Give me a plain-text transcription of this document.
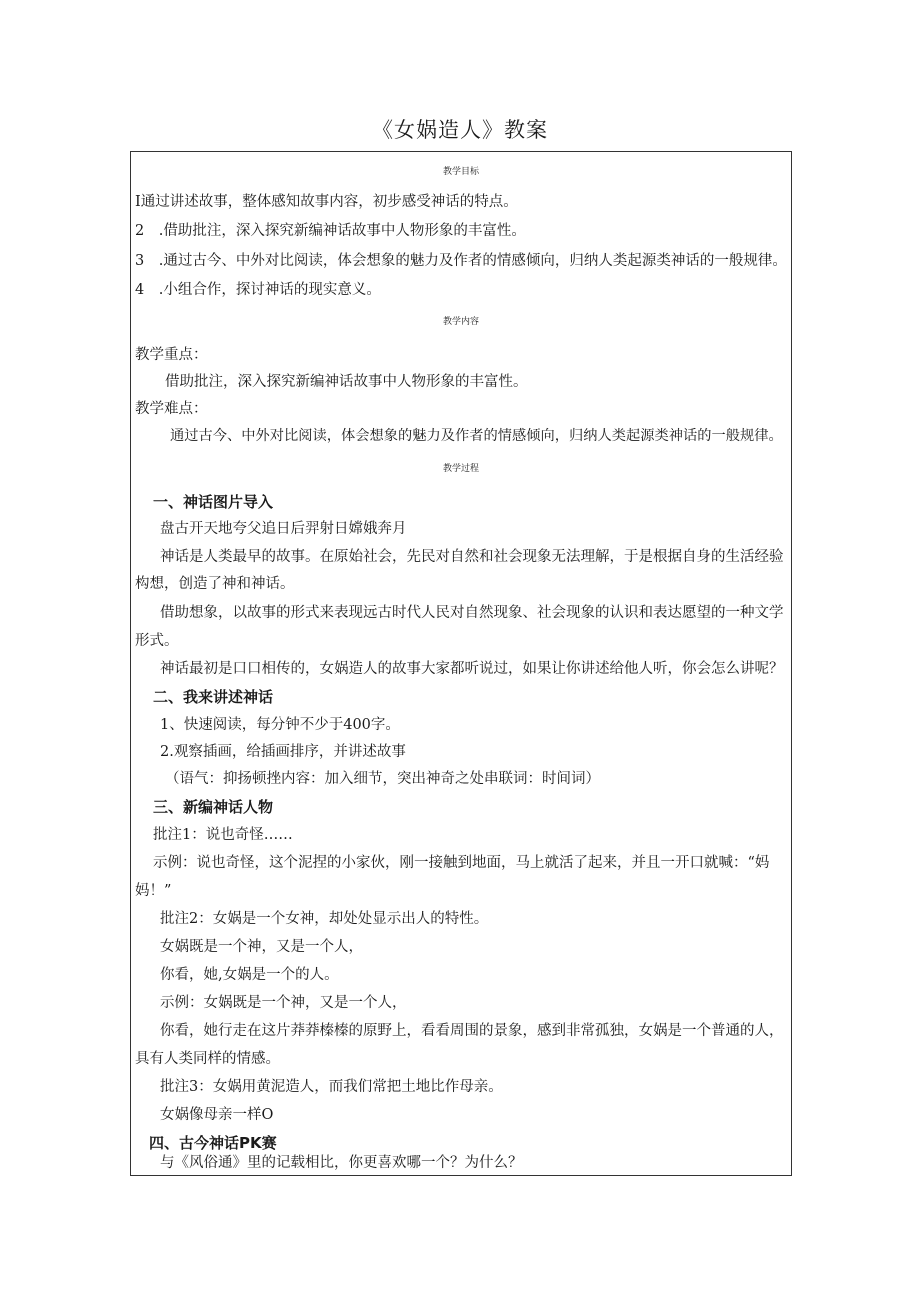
《女娲造人》教案
教学目标
I通过讲述故事，整体感知故事内容，初步感受神话的特点。
2　.借助批注，深入探究新编神话故事中人物形象的丰富性。
3　.通过古今、中外对比阅读，体会想象的魅力及作者的情感倾向，归纳人类起源类神话的一般规律。
4　.小组合作，探讨神话的现实意义。
教学内容
教学重点：
借助批注，深入探究新编神话故事中人物形象的丰富性。
教学难点：
通过古今、中外对比阅读，体会想象的魅力及作者的情感倾向，归纳人类起源类神话的一般规律。
教学过程
一、神话图片导入
盘古开天地夸父追日后羿射日嫦娥奔月
神话是人类最早的故事。在原始社会，先民对自然和社会现象无法理解，于是根据自身的生活经验
构想，创造了神和神话。
借助想象，以故事的形式来表现远古时代人民对自然现象、社会现象的认识和表达愿望的一种文学
形式。
神话最初是口口相传的，女娲造人的故事大家都听说过，如果让你讲述给他人听，你会怎么讲呢？
二、我来讲述神话
1、快速阅读，每分钟不少于400字。
2.观察插画，给插画排序，并讲述故事
（语气：抑扬顿挫内容：加入细节，突出神奇之处串联词：时间词）
三、新编神话人物
批注1：说也奇怪……
示例：说也奇怪，这个泥捏的小家伙，刚一接触到地面，马上就活了起来，并且一开口就喊：“妈
妈！”
批注2：女娲是一个女神，却处处显示出人的特性。
女娲既是一个神，又是一个人，
你看，她,女娲是一个的人。
示例：女娲既是一个神，又是一个人，
你看，她行走在这片莽莽榛榛的原野上，看看周围的景象，感到非常孤独，女娲是一个普通的人，
具有人类同样的情感。
批注3：女娲用黄泥造人，而我们常把土地比作母亲。
女娲像母亲一样O
四、古今神话PK赛
与《风俗通》里的记载相比，你更喜欢哪一个？为什么？
